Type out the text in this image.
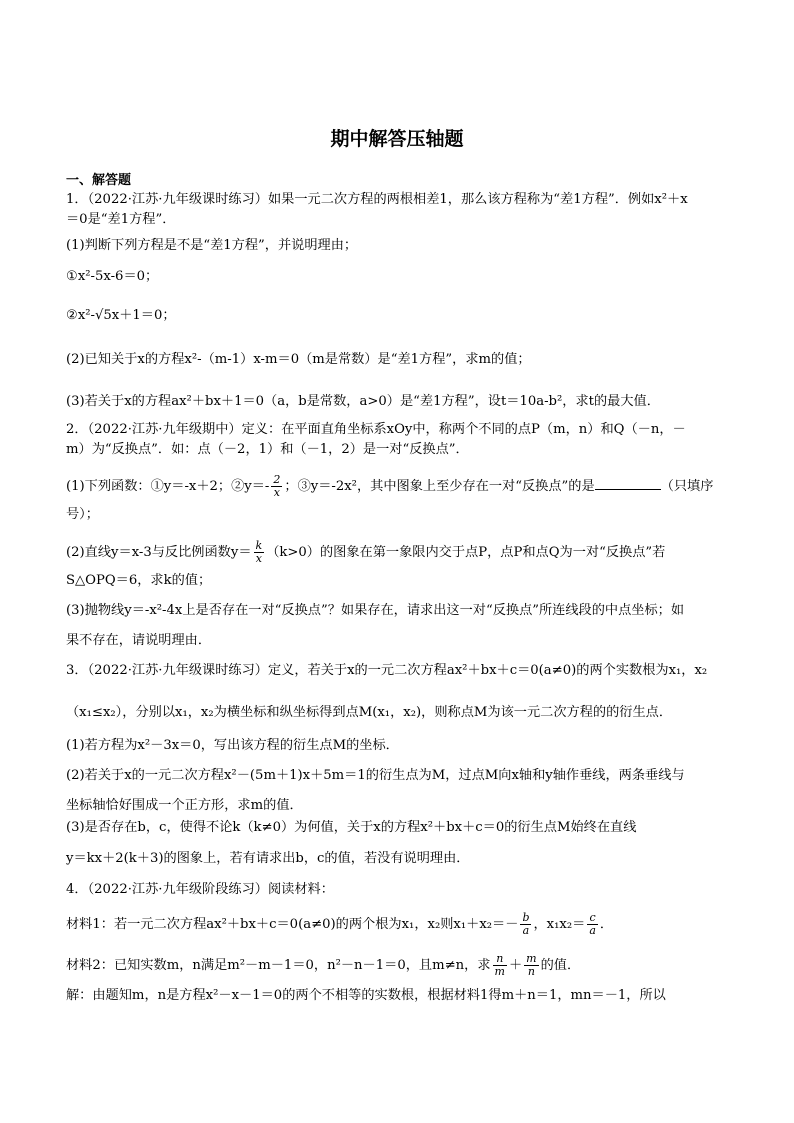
期中解答压轴题
一、解答题
1．（2022·江苏·九年级课时练习）如果一元二次方程的两根相差1，那么该方程称为“差1方程”．例如x²＋x
＝0是“差1方程”．
(1)判断下列方程是不是“差1方程”，并说明理由；
①x²-5x-6＝0；
②x²-√5x＋1＝0；
(2)已知关于x的方程x²-（m-1）x-m＝0（m是常数）是“差1方程”，求m的值；
(3)若关于x的方程ax²＋bx＋1＝0（a，b是常数，a>0）是“差1方程”，设t＝10a-b²，求t的最大值．
2．（2022·江苏·九年级期中）定义：在平面直角坐标系xOy中，称两个不同的点P（m，n）和Q（－n，－
m）为“反换点”．如：点（－2，1）和（－1，2）是一对“反换点”．
(1)下列函数：①y＝-x＋2；②y＝- $\frac{2}{x}$ ；③y＝-2x²，其中图象上至少存在一对“反换点”的是	（只填序
号）；
(2)直线y＝x-3与反比例函数$y= \frac{k}{x} (k>0)$的图象在第一象限内交于点P，点P和点Q为一对“反换点”若
S△OPQ＝6，求k的值；
(3)抛物线y＝-x²-4x上是否存在一对“反换点”？如果存在，请求出这一对“反换点”所连线段的中点坐标；如
果不存在，请说明理由．
3．（2022·江苏·九年级课时练习）定义，若关于x的一元二次方程ax²＋bx＋c＝0(a≠0)的两个实数根为x₁，x₂
（x₁≤x₂），分别以x₁，x₂为横坐标和纵坐标得到点M(x₁，x₂)，则称点M为该一元二次方程的的衍生点．
(1)若方程为x²－3x＝0，写出该方程的衍生点M的坐标．
(2)若关于x的一元二次方程x²－(5m＋1)x＋5m＝1的衍生点为M，过点M向x轴和y轴作垂线，两条垂线与
坐标轴恰好围成一个正方形，求m的值．
(3)是否存在b，c，使得不论k（k≠0）为何值，关于x的方程x²＋bx＋c＝0的衍生点M始终在直线
y＝kx＋2(k＋3)的图象上，若有请求出b，c的值，若没有说明理由．
4．（2022·江苏·九年级阶段练习）阅读材料：
材料1：若一元二次方程ax²＋bx＋c＝0(a≠0)的两个根为x₁，x₂则$x_1+x_2=- \frac{b}{a}$ ，$x_1x_2= \frac{c}{a}$ ．
材料2：已知实数m，n满足m²－m－1＝0，n²－n－1＝0，且m≠n，求 $\frac{n}{m} + \frac{m}{n}$ 的值．
解：由题知m，n是方程x²－x－1＝0的两个不相等的实数根，根据材料1得m＋n＝1，mn＝－1，所以
